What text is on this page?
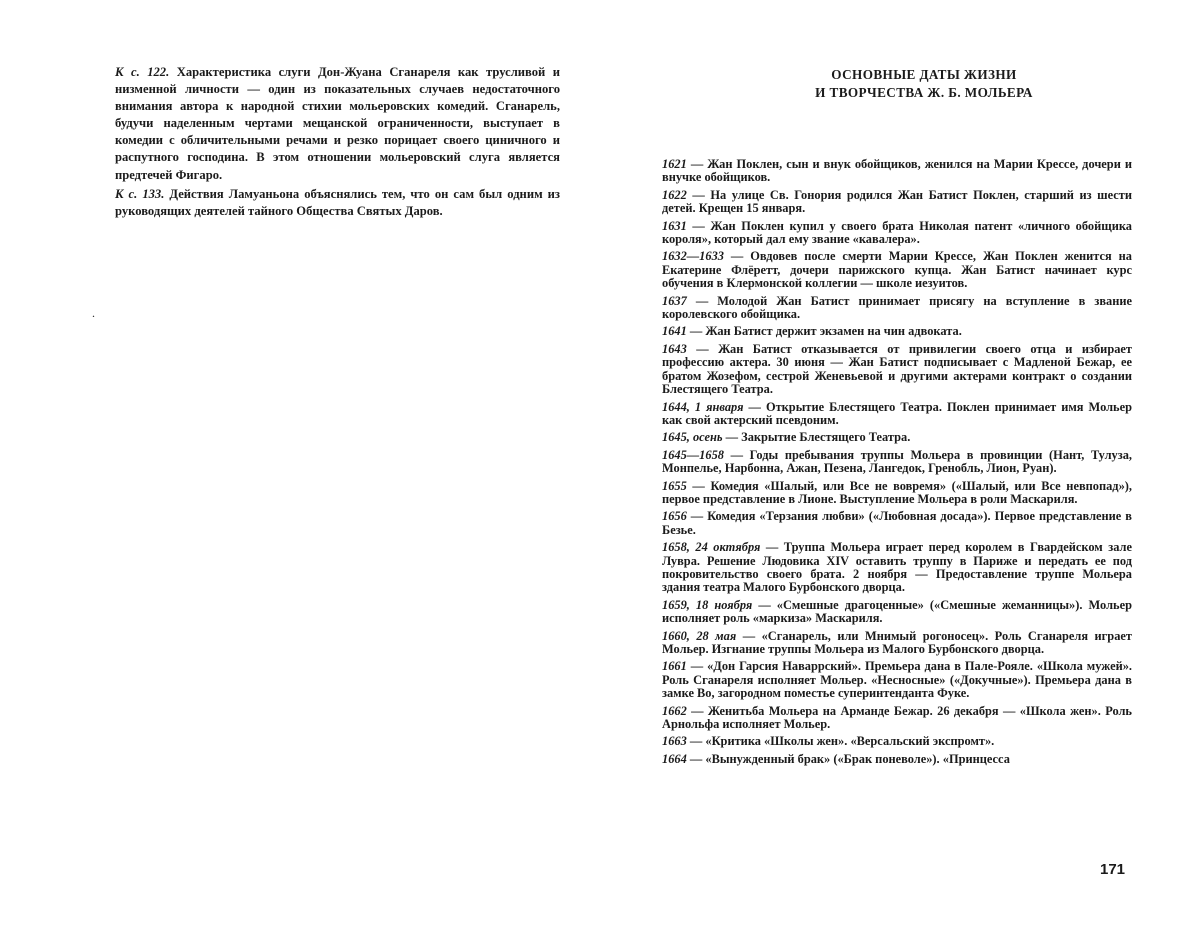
К с. 122. Характеристика слуги Дон-Жуана Сганареля как трусливой и низменной личности — один из показательных случаев недостаточного внимания автора к народной стихии мольеровских комедий. Сганарель, будучи наделенным чертами мещанской ограниченности, выступает в комедии с обличительными речами и резко порицает своего циничного и распутного господина. В этом отношении мольеровский слуга является предтечей Фигаро.

К с. 133. Действия Ламуаньона объяснялись тем, что он сам был одним из руководящих деятелей тайного Общества Святых Даров.

.
ОСНОВНЫЕ ДАТЫ ЖИЗНИ
И ТВОРЧЕСТВА Ж. Б. МОЛЬЕРА

1621 — Жан Поклен, сын и внук обойщиков, женился на Марии Крессе, дочери и внучке обойщиков.

1622 — На улице Св. Гонория родился Жан Батист Поклен, старший из шести детей. Крещен 15 января.

1631 — Жан Поклен купил у своего брата Николая патент «личного обойщика короля», который дал ему звание «кавалера».

1632—1633 — Овдовев после смерти Марии Крессе, Жан Поклен женится на Екатерине Флёретт, дочери парижского купца. Жан Батист начинает курс обучения в Клермонской коллегии — школе иезуитов.

1637 — Молодой Жан Батист принимает присягу на вступление в звание королевского обойщика.

1641 — Жан Батист держит экзамен на чин адвоката.

1643 — Жан Батист отказывается от привилегии своего отца и избирает профессию актера. 30 июня — Жан Батист подписывает с Мадленой Бежар, ее братом Жозефом, сестрой Женевьевой и другими актерами контракт о создании Блестящего Театра.

1644, 1 января — Открытие Блестящего Театра. Поклен принимает имя Мольер как свой актерский псевдоним.

1645, осень — Закрытие Блестящего Театра.

1645—1658 — Годы пребывания труппы Мольера в провинции (Нант, Тулуза, Монпелье, Нарбонна, Ажан, Пезена, Лангедок, Гренобль, Лион, Руан).

1655 — Комедия «Шалый, или Все не вовремя» («Шалый, или Все невпопад»), первое представление в Лионе. Выступление Мольера в роли Маскариля.

1656 — Комедия «Терзания любви» («Любовная досада»). Первое представление в Безье.

1658, 24 октября — Труппа Мольера играет перед королем в Гвардейском зале Лувра. Решение Людовика XIV оставить труппу в Париже и передать ее под покровительство своего брата. 2 ноября — Предоставление труппе Мольера здания театра Малого Бурбонского дворца.

1659, 18 ноября — «Смешные драгоценные» («Смешные жеманницы»). Мольер исполняет роль «маркиза» Маскариля.

1660, 28 мая — «Сганарель, или Мнимый рогоносец». Роль Сганареля играет Мольер. Изгнание труппы Мольера из Малого Бурбонского дворца.

1661 — «Дон Гарсия Наваррский». Премьера дана в Пале-Рояле. «Школа мужей». Роль Сганареля исполняет Мольер. «Несносные» («Докучные»). Премьера дана в замке Во, загородном поместье суперинтенданта Фуке.

1662 — Женитьба Мольера на Арманде Бежар. 26 декабря — «Школа жен». Роль Арнольфа исполняет Мольер.

1663 — «Критика «Школы жен». «Версальский экспромт».

1664 — «Вынужденный брак» («Брак поневоле»). «Принцесса

171
